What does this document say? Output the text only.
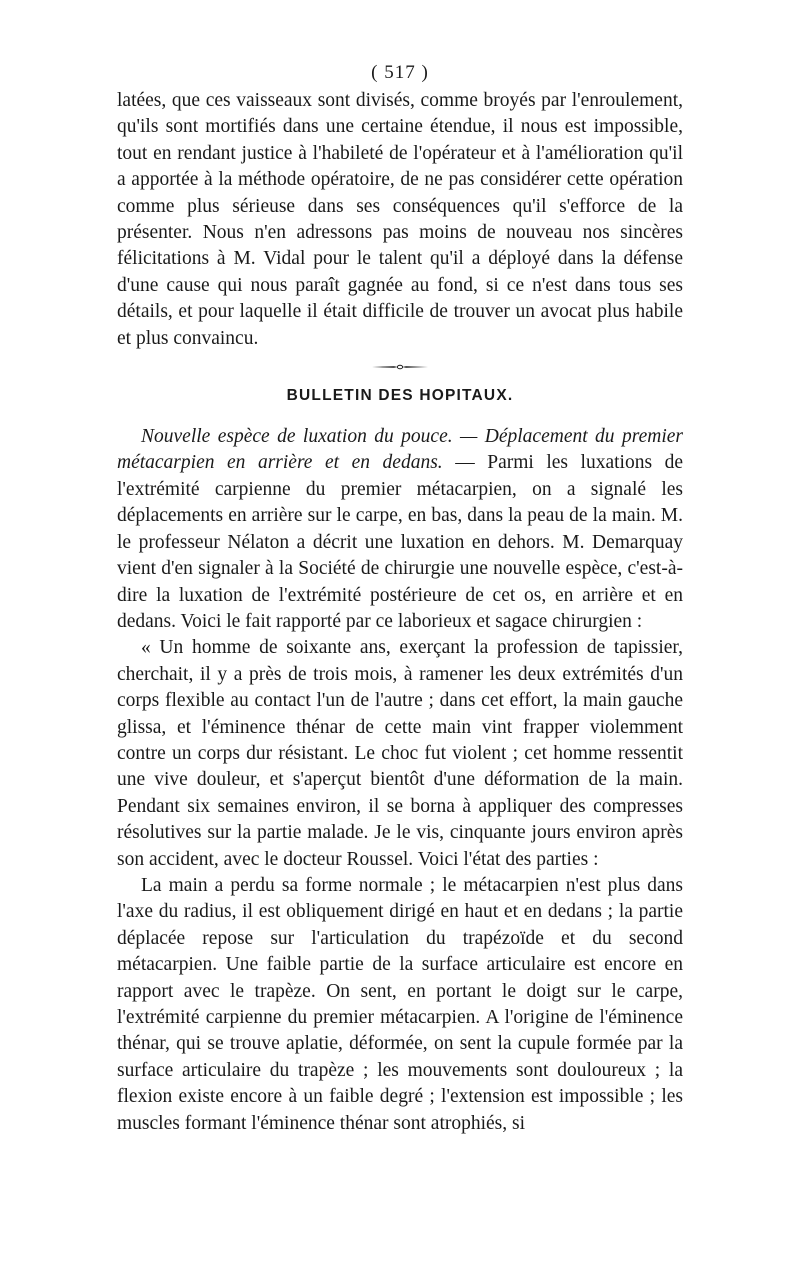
( 517 )

latées, que ces vaisseaux sont divisés, comme broyés par l'enroulement, qu'ils sont mortifiés dans une certaine étendue, il nous est impossible, tout en rendant justice à l'habileté de l'opérateur et à l'amélioration qu'il a apportée à la méthode opératoire, de ne pas considérer cette opération comme plus sérieuse dans ses conséquences qu'il s'efforce de la présenter. Nous n'en adressons pas moins de nouveau nos sincères félicitations à M. Vidal pour le talent qu'il a déployé dans la défense d'une cause qui nous paraît gagnée au fond, si ce n'est dans tous ses détails, et pour laquelle il était difficile de trouver un avocat plus habile et plus convaincu.

BULLETIN DES HOPITAUX.

Nouvelle espèce de luxation du pouce. — Déplacement du premier métacarpien en arrière et en dedans. — Parmi les luxations de l'extrémité carpienne du premier métacarpien, on a signalé les déplacements en arrière sur le carpe, en bas, dans la peau de la main. M. le professeur Nélaton a décrit une luxation en dehors. M. Demarquay vient d'en signaler à la Société de chirurgie une nouvelle espèce, c'est-à-dire la luxation de l'extrémité postérieure de cet os, en arrière et en dedans. Voici le fait rapporté par ce laborieux et sagace chirurgien :

« Un homme de soixante ans, exerçant la profession de tapissier, cherchait, il y a près de trois mois, à ramener les deux extrémités d'un corps flexible au contact l'un de l'autre ; dans cet effort, la main gauche glissa, et l'éminence thénar de cette main vint frapper violemment contre un corps dur résistant. Le choc fut violent ; cet homme ressentit une vive douleur, et s'aperçut bientôt d'une déformation de la main. Pendant six semaines environ, il se borna à appliquer des compresses résolutives sur la partie malade. Je le vis, cinquante jours environ après son accident, avec le docteur Roussel. Voici l'état des parties :

La main a perdu sa forme normale ; le métacarpien n'est plus dans l'axe du radius, il est obliquement dirigé en haut et en dedans ; la partie déplacée repose sur l'articulation du trapézoïde et du second métacarpien. Une faible partie de la surface articulaire est encore en rapport avec le trapèze. On sent, en portant le doigt sur le carpe, l'extrémité carpienne du premier métacarpien. A l'origine de l'éminence thénar, qui se trouve aplatie, déformée, on sent la cupule formée par la surface articulaire du trapèze ; les mouvements sont douloureux ; la flexion existe encore à un faible degré ; l'extension est impossible ; les muscles formant l'éminence thénar sont atrophiés, si
